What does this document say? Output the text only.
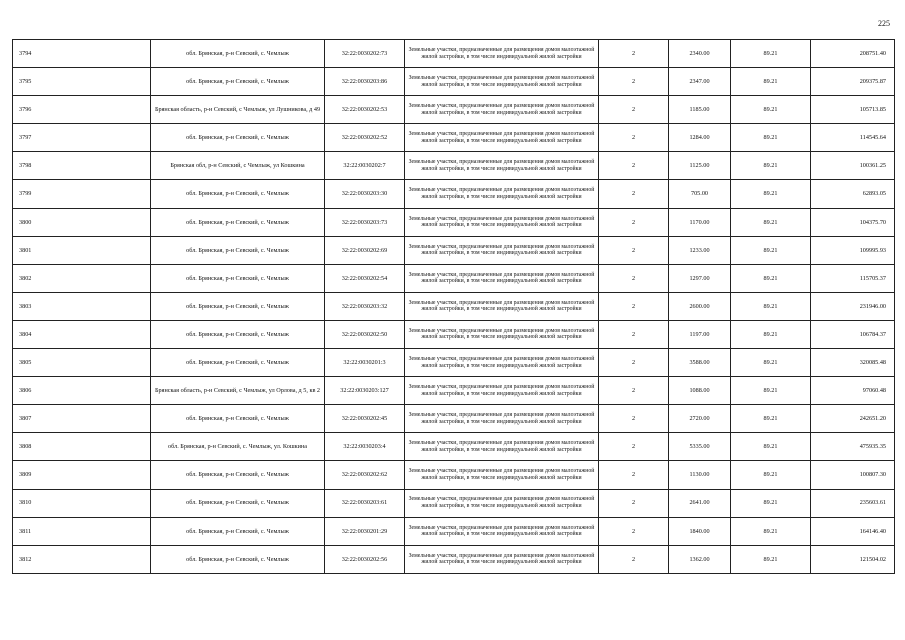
225
3794	обл. Брянская, р-н Севский, с. Чемлыж	32:22:0030202:73	Земельные участки, предназначенные для размещения домов малоэтажной жилой застройки, в том числе индивидуальной жилой застройки	2	2340.00	89.21	208751.40
3795	обл. Брянская, р-н Севский, с. Чемлыж	32:22:0030203:86	Земельные участки, предназначенные для размещения домов малоэтажной жилой застройки, в том числе индивидуальной жилой застройки	2	2347.00	89.21	209375.87
3796	Брянская область, р-н Севский, с Чемлыж, ул Лушникова, д 49	32:22:0030202:53	Земельные участки, предназначенные для размещения домов малоэтажной жилой застройки, в том числе индивидуальной жилой застройки	2	1185.00	89.21	105713.85
3797	обл. Брянская, р-н Севский, с. Чемлыж	32:22:0030202:52	Земельные участки, предназначенные для размещения домов малоэтажной жилой застройки, в том числе индивидуальной жилой застройки	2	1284.00	89.21	114545.64
3798	Брянская обл, р-н Севский, с Чемлыж, ул Кошкина	32:22:0030202:7	Земельные участки, предназначенные для размещения домов малоэтажной жилой застройки, в том числе индивидуальной жилой застройки	2	1125.00	89.21	100361.25
3799	обл. Брянская, р-н Севский, с. Чемлыж	32:22:0030203:30	Земельные участки, предназначенные для размещения домов малоэтажной жилой застройки, в том числе индивидуальной жилой застройки	2	705.00	89.21	62893.05
3800	обл. Брянская, р-н Севский, с. Чемлыж	32:22:0030203:73	Земельные участки, предназначенные для размещения домов малоэтажной жилой застройки, в том числе индивидуальной жилой застройки	2	1170.00	89.21	104375.70
3801	обл. Брянская, р-н Севский, с. Чемлыж	32:22:0030202:69	Земельные участки, предназначенные для размещения домов малоэтажной жилой застройки, в том числе индивидуальной жилой застройки	2	1233.00	89.21	109995.93
3802	обл. Брянская, р-н Севский, с. Чемлыж	32:22:0030202:54	Земельные участки, предназначенные для размещения домов малоэтажной жилой застройки, в том числе индивидуальной жилой застройки	2	1297.00	89.21	115705.37
3803	обл. Брянская, р-н Севский, с. Чемлыж	32:22:0030203:32	Земельные участки, предназначенные для размещения домов малоэтажной жилой застройки, в том числе индивидуальной жилой застройки	2	2600.00	89.21	231946.00
3804	обл. Брянская, р-н Севский, с. Чемлыж	32:22:0030202:50	Земельные участки, предназначенные для размещения домов малоэтажной жилой застройки, в том числе индивидуальной жилой застройки	2	1197.00	89.21	106784.37
3805	обл. Брянская, р-н Севский, с. Чемлыж	32:22:0030201:3	Земельные участки, предназначенные для размещения домов малоэтажной жилой застройки, в том числе индивидуальной жилой застройки	2	3588.00	89.21	320085.48
3806	Брянская область, р-н Севский, с Чемлыж, ул Орлова, д 5, кв 2	32:22:0030203:127	Земельные участки, предназначенные для размещения домов малоэтажной жилой застройки, в том числе индивидуальной жилой застройки	2	1088.00	89.21	97060.48
3807	обл. Брянская, р-н Севский, с. Чемлыж	32:22:0030202:45	Земельные участки, предназначенные для размещения домов малоэтажной жилой застройки, в том числе индивидуальной жилой застройки	2	2720.00	89.21	242651.20
3808	обл. Брянская, р-н Севский, с. Чемлыж, ул. Кошкина	32:22:0030203:4	Земельные участки, предназначенные для размещения домов малоэтажной жилой застройки, в том числе индивидуальной жилой застройки	2	5335.00	89.21	475935.35
3809	обл. Брянская, р-н Севский, с. Чемлыж	32:22:0030202:62	Земельные участки, предназначенные для размещения домов малоэтажной жилой застройки, в том числе индивидуальной жилой застройки	2	1130.00	89.21	100807.30
3810	обл. Брянская, р-н Севский, с. Чемлыж	32:22:0030203:61	Земельные участки, предназначенные для размещения домов малоэтажной жилой застройки, в том числе индивидуальной жилой застройки	2	2641.00	89.21	235603.61
3811	обл. Брянская, р-н Севский, с. Чемлыж	32:22:0030201:29	Земельные участки, предназначенные для размещения домов малоэтажной жилой застройки, в том числе индивидуальной жилой застройки	2	1840.00	89.21	164146.40
3812	обл. Брянская, р-н Севский, с. Чемлыж	32:22:0030202:56	Земельные участки, предназначенные для размещения домов малоэтажной жилой застройки, в том числе индивидуальной жилой застройки	2	1362.00	89.21	121504.02
